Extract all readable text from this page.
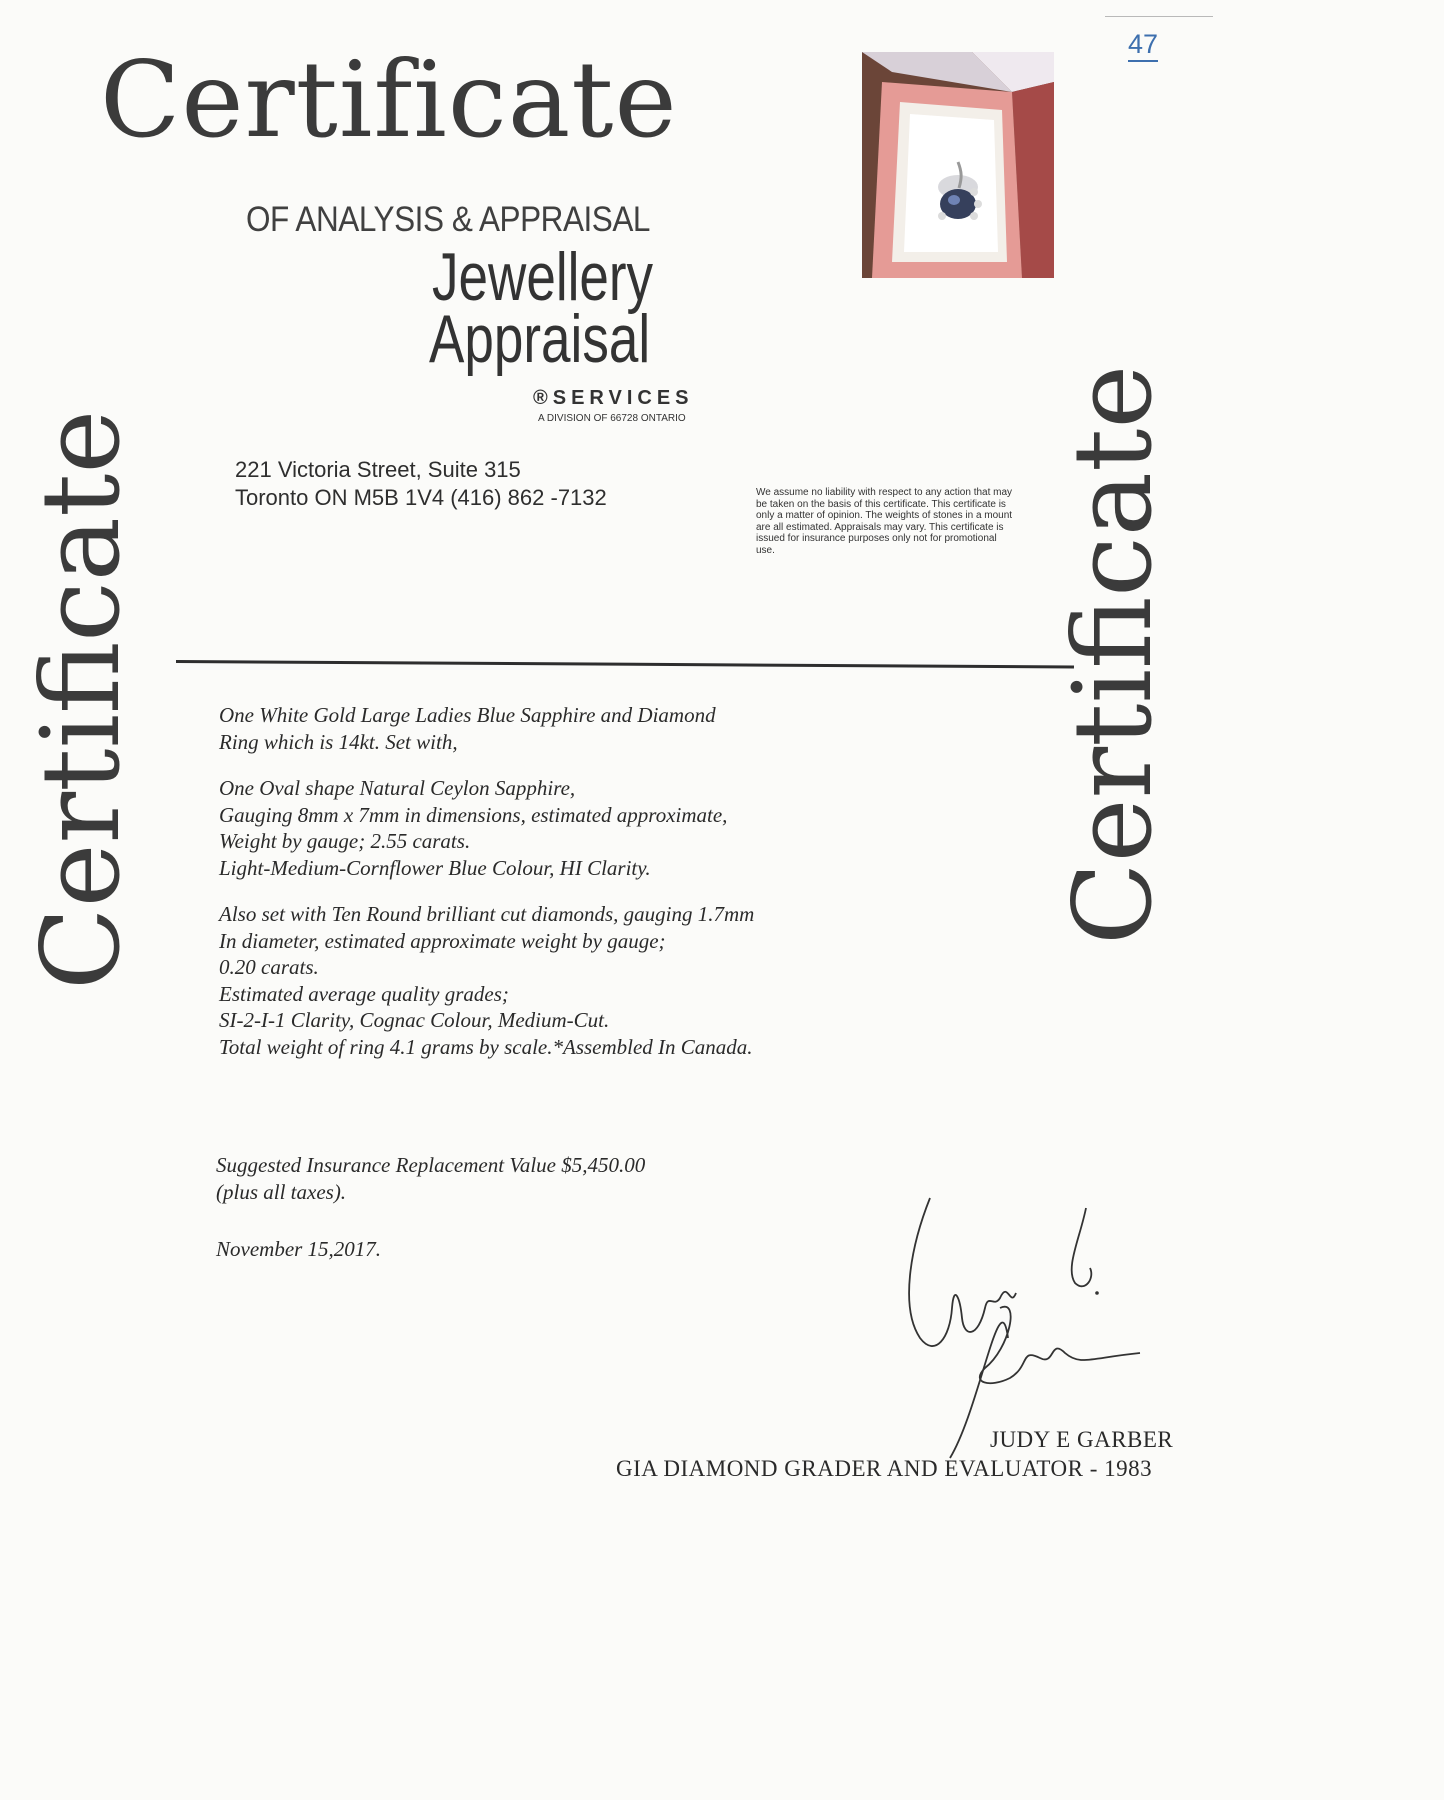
47
Certificate
Certificate	Certificate
OF ANALYSIS & APPRAISAL
Jewellery
Appraisal
®SERVICES
A DIVISION OF 66728 ONTARIO
221 Victoria Street, Suite 315
Toronto ON M5B 1V4 (416) 862 -7132	We assume no liability with respect to any action that may be taken on the basis of this certificate. This certificate is only a matter of opinion. The weights of stones in a mount are all estimated. Appraisals may vary. This certificate is issued for insurance purposes only not for promotional use.

One White Gold Large Ladies Blue Sapphire and Diamond
Ring which is 14kt. Set with,

One Oval shape Natural Ceylon Sapphire,
Gauging 8mm x 7mm in dimensions, estimated approximate,
Weight by gauge; 2.55 carats.
Light-Medium-Cornflower Blue Colour, HI Clarity.

Also set with Ten Round brilliant cut diamonds, gauging 1.7mm
In diameter, estimated approximate weight by gauge;
0.20 carats.
Estimated average quality grades;
SI-2-I-1 Clarity, Cognac Colour, Medium-Cut.
Total weight of ring 4.1 grams by scale.*Assembled In Canada.

Suggested Insurance Replacement Value $5,450.00
(plus all taxes).
November 15,2017.
JUDY E GARBER
GIA DIAMOND GRADER AND EVALUATOR - 1983
